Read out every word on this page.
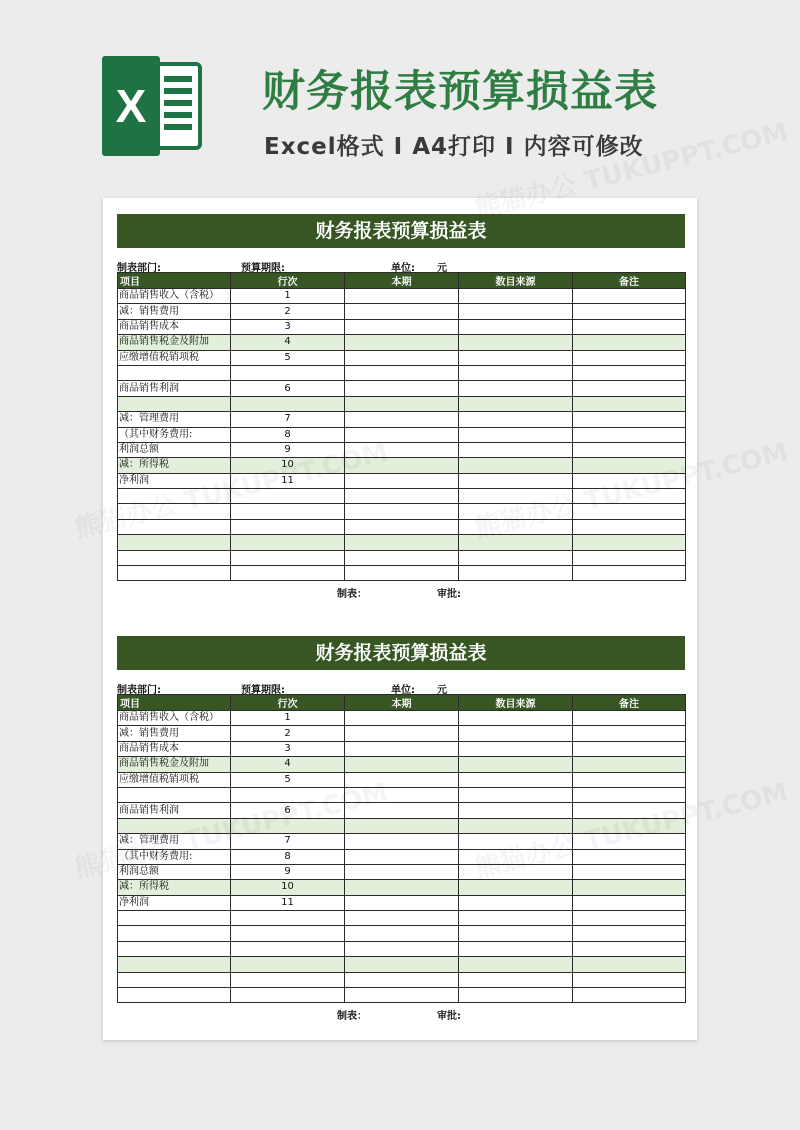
X	财务报表预算损益表
Excel格式 I A4打印 I 内容可修改
财务报表预算损益表
制表部门:	预算期限:	单位: 元
项目	行次	本期	数目来源	备注
商品销售收入（含税）	1			
减：销售费用	2			
商品销售成本	3			
商品销售税金及附加	4			
应缴增值税销项税	5			

商品销售利润	6			

减：管理费用	7			
（其中财务费用:	8			
利润总额	9			
减：所得税	10			
净利润	11			

制表：	审批:
财务报表预算损益表
制表部门:	预算期限:	单位: 元
项目	行次	本期	数目来源	备注
商品销售收入（含税）	1			
减：销售费用	2			
商品销售成本	3			
商品销售税金及附加	4			
应缴增值税销项税	5			

商品销售利润	6			

减：管理费用	7			
（其中财务费用:	8			
利润总额	9			
减：所得税	10			
净利润	11			

制表：	审批:
